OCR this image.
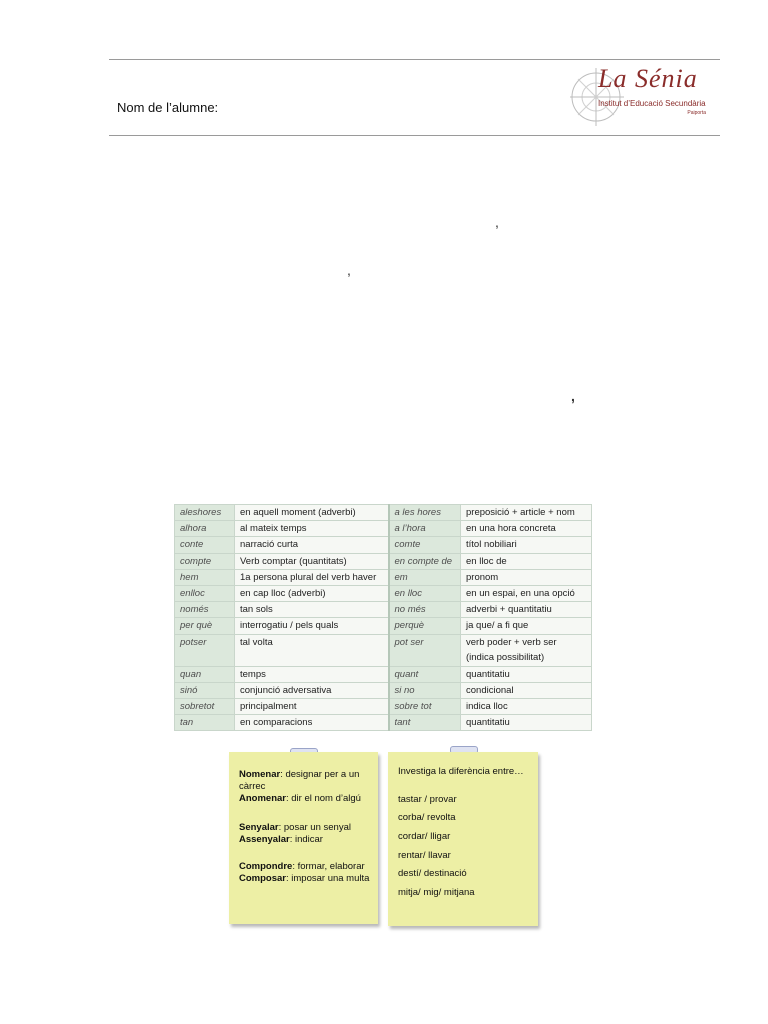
Nom de l’alumne:
La Sénia
Institut d’Educació Secundària
Paiporta
,
,
,
aleshores	en aquell moment (adverbi)	a les hores	preposició + article + nom
alhora	al mateix temps	a l’hora	en una hora concreta
conte	narració curta	comte	títol nobiliari
compte	Verb comptar (quantitats)	en compte de	en lloc de
hem	1a persona plural del verb haver	em	pronom
enlloc	en cap lloc (adverbi)	en lloc	en un espai, en una opció
només	tan sols	no més	adverbi + quantitatiu
per què	interrogatiu / pels quals	perquè	ja que/ a fi que
potser	tal volta	pot ser	verb poder + verb ser (indica possibilitat)
quan	temps	quant	quantitatiu
sinó	conjunció adversativa	si no	condicional
sobretot	principalment	sobre tot	indica lloc
tan	en comparacions	tant	quantitatiu
Nomenar: designar per a un càrrec
Anomenar: dir el nom d’algú
Senyalar: posar un senyal
Assenyalar: indicar
Compondre: formar, elaborar
Composar: imposar una multa
Investiga la diferència entre…
tastar / provar
corba/ revolta
cordar/ lligar
rentar/ llavar
destí/ destinació
mitja/ mig/ mitjana
